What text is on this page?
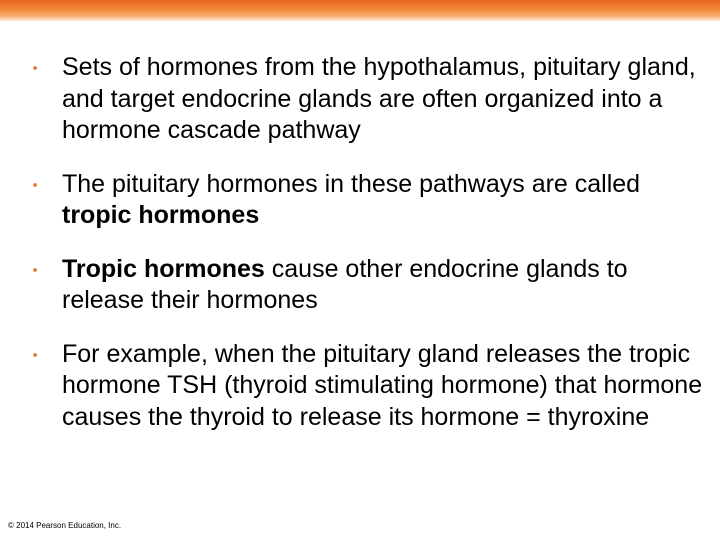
▪ Sets of hormones from the hypothalamus, pituitary gland, and target endocrine glands are often organized into a hormone cascade pathway
▪ The pituitary hormones in these pathways are called tropic hormones
▪ Tropic hormones cause other endocrine glands to release their hormones
▪ For example, when the pituitary gland releases the tropic hormone TSH (thyroid stimulating hormone) that hormone causes the thyroid to release its hormone = thyroxine
© 2014 Pearson Education, Inc.
